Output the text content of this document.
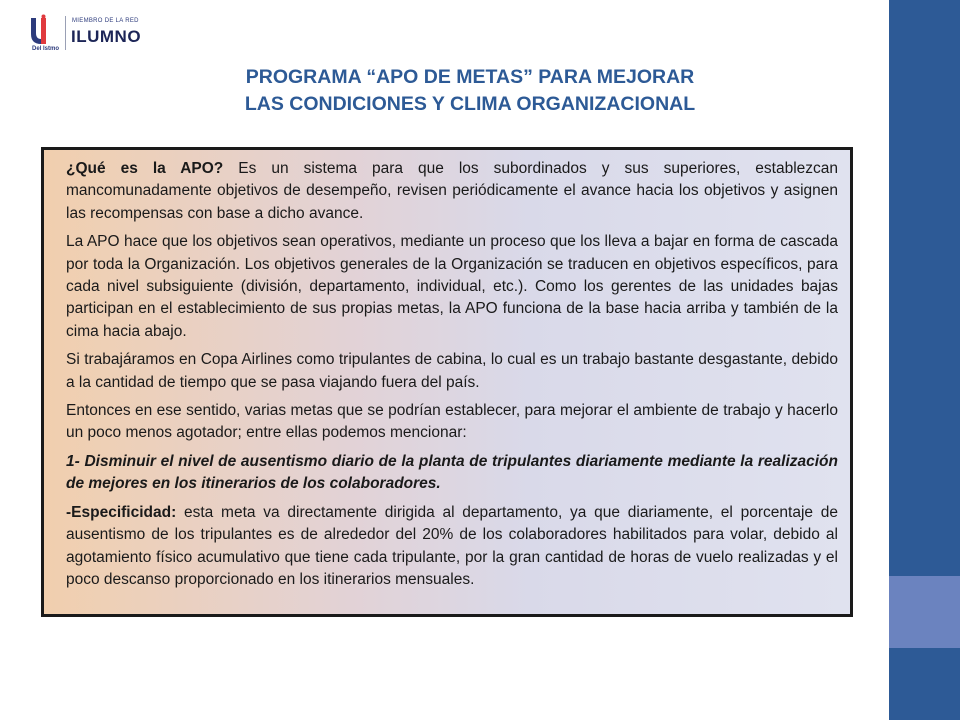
Del Istmo
MIEMBRO DE LA RED
ILUMNO
PROGRAMA “APO DE METAS” PARA MEJORAR
LAS CONDICIONES Y CLIMA ORGANIZACIONAL

¿Qué es la APO? Es un sistema para que los subordinados y sus superiores, establezcan mancomunadamente objetivos de desempeño, revisen periódicamente el avance hacia los objetivos y asignen las recompensas con base a dicho avance.

La APO hace que los objetivos sean operativos, mediante un proceso que los lleva a bajar en forma de cascada por toda la Organización. Los objetivos generales de la Organización se traducen en objetivos específicos, para cada nivel subsiguiente (división, departamento, individual, etc.). Como los gerentes de las unidades bajas participan en el establecimiento de sus propias metas, la APO funciona de la base hacia arriba y también de la cima hacia abajo.

Si trabajáramos en Copa Airlines como tripulantes de cabina, lo cual es un trabajo bastante desgastante, debido a la cantidad de tiempo que se pasa viajando fuera del país.

Entonces en ese sentido, varias metas que se podrían establecer, para mejorar el ambiente de trabajo y hacerlo un poco menos agotador; entre ellas podemos mencionar:

1- Disminuir el nivel de ausentismo diario de la planta de tripulantes diariamente mediante la realización de mejores en los itinerarios de los colaboradores.

-Especificidad: esta meta va directamente dirigida al departamento, ya que diariamente, el porcentaje de ausentismo de los tripulantes es de alrededor del 20% de los colaboradores habilitados para volar, debido al agotamiento físico acumulativo que tiene cada tripulante, por la gran cantidad de horas de vuelo realizadas y el poco descanso proporcionado en los itinerarios mensuales.
